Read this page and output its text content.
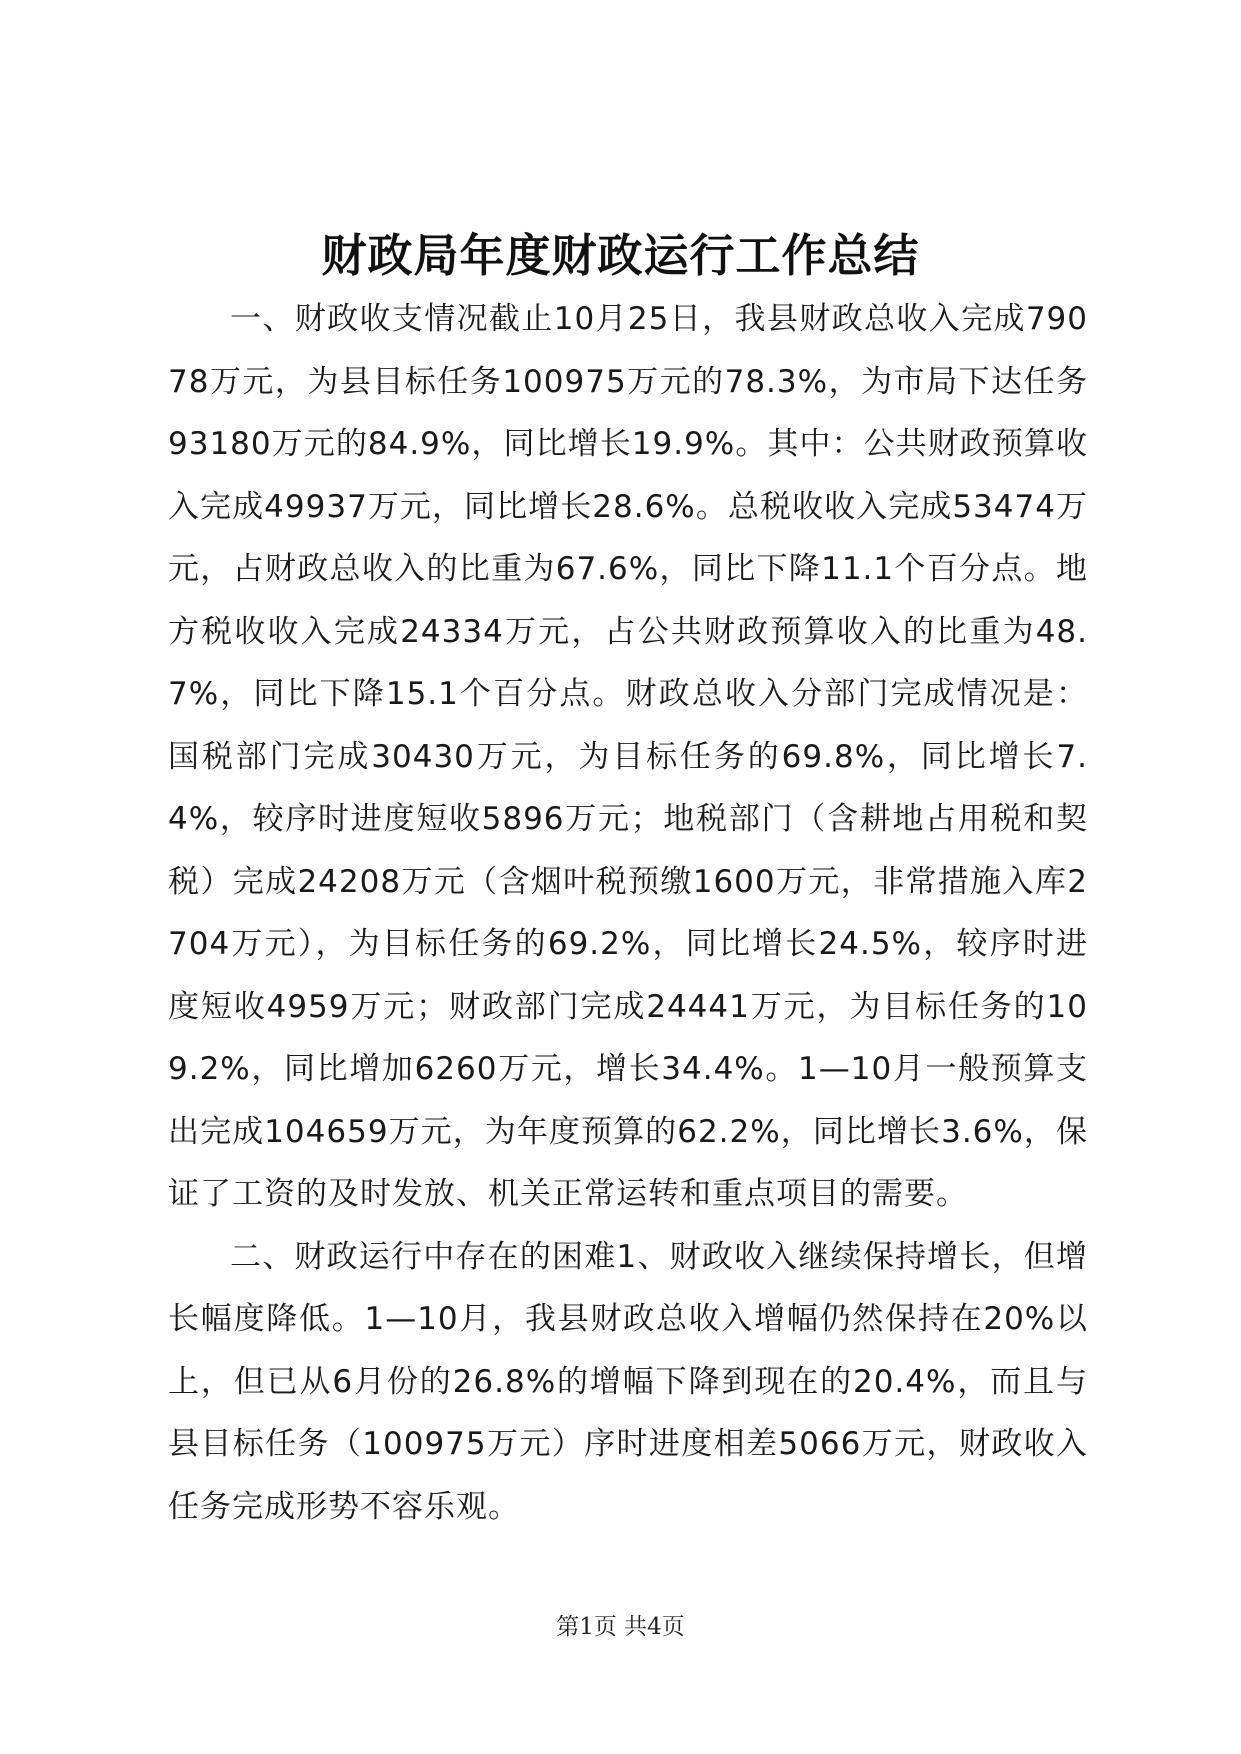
财政局年度财政运行工作总结

一、财政收支情况截止10月25日，我县财政总收入完成79078万元，为县目标任务100975万元的78.3%，为市局下达任务93180万元的84.9%，同比增长19.9%。其中：公共财政预算收入完成49937万元，同比增长28.6%。总税收收入完成53474万元，占财政总收入的比重为67.6%，同比下降11.1个百分点。地方税收收入完成24334万元，占公共财政预算收入的比重为48.7%，同比下降15.1个百分点。财政总收入分部门完成情况是：国税部门完成30430万元，为目标任务的69.8%，同比增长7.4%，较序时进度短收5896万元；地税部门（含耕地占用税和契税）完成24208万元（含烟叶税预缴1600万元，非常措施入库2704万元），为目标任务的69.2%，同比增长24.5%，较序时进度短收4959万元；财政部门完成24441万元，为目标任务的109.2%，同比增加6260万元，增长34.4%。1—10月一般预算支出完成104659万元，为年度预算的62.2%，同比增长3.6%，保证了工资的及时发放、机关正常运转和重点项目的需要。

二、财政运行中存在的困难1、财政收入继续保持增长，但增长幅度降低。1—10月，我县财政总收入增幅仍然保持在20%以上，但已从6月份的26.8%的增幅下降到现在的20.4%，而且与县目标任务（100975万元）序时进度相差5066万元，财政收入任务完成形势不容乐观。

第1页 共4页
